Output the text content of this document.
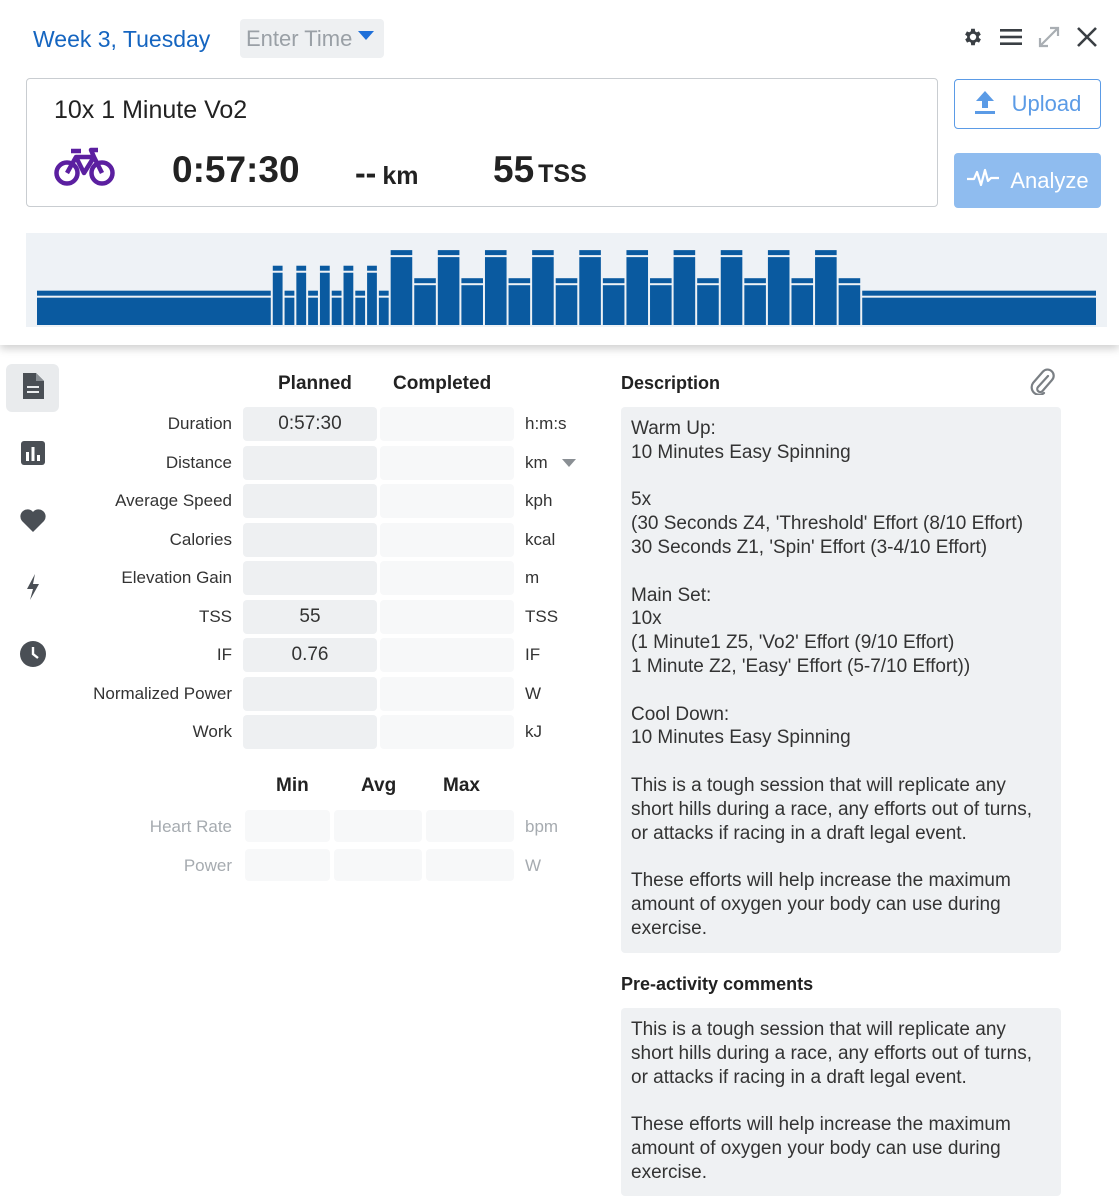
Week 3, Tuesday Enter Time
10x 1 Minute Vo2
0:57:30 -- km 55 TSS
Upload
Analyze
Planned Completed
Duration	0:57:30	h:m:s
Distance	km
Average Speed	kph
Calories	kcal
Elevation Gain	m
TSS	55	TSS
IF	0.76	IF
Normalized Power	W
Work	kJ
Min	Avg Max
Heart Rate	bpm
Power	W
Description
Warm Up:
10 Minutes Easy Spinning

5x
(30 Seconds Z4, 'Threshold' Effort (8/10 Effort)
30 Seconds Z1, 'Spin' Effort (3-4/10 Effort)

Main Set:
10x
(1 Minute1 Z5, 'Vo2' Effort (9/10 Effort)
1 Minute Z2, 'Easy' Effort (5-7/10 Effort))

Cool Down:
10 Minutes Easy Spinning

This is a tough session that will replicate any short hills during a race, any efforts out of turns, or attacks if racing in a draft legal event.

These efforts will help increase the maximum amount of oxygen your body can use during exercise.
Pre-activity comments
This is a tough session that will replicate any short hills during a race, any efforts out of turns, or attacks if racing in a draft legal event.

These efforts will help increase the maximum amount of oxygen your body can use during exercise.
